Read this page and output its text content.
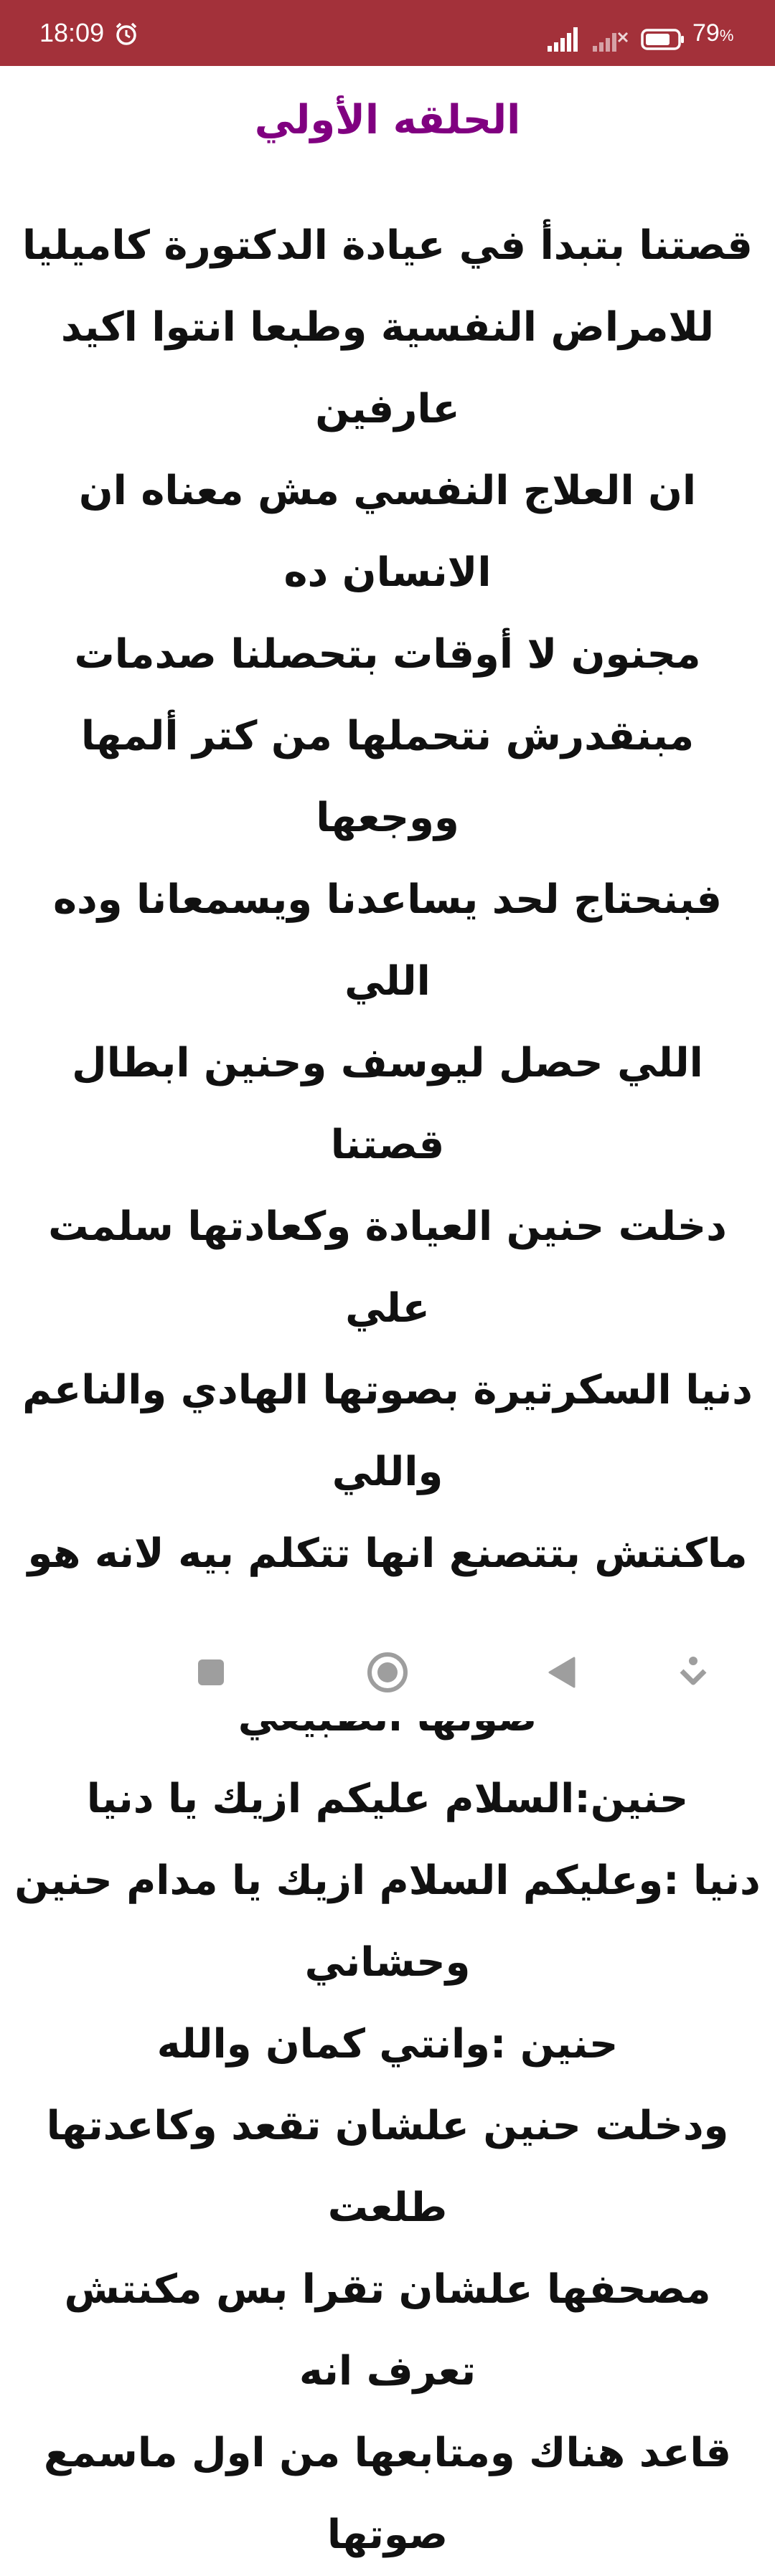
18:09	79%
الحلقه الأولي

قصتنا بتبدأ في عيادة الدكتورة كاميليا
للامراض النفسية وطبعا انتوا اكيد عارفين
ان العلاج النفسي مش معناه ان الانسان ده
مجنون لا أوقات بتحصلنا صدمات
مبنقدرش نتحملها من كتر ألمها ووجعها
فبنحتاج لحد يساعدنا ويسمعانا وده اللي
اللي حصل ليوسف وحنين ابطال قصتنا
دخلت حنين العيادة وكعادتها سلمت علي
دنيا السكرتيرة بصوتها الهادي والناعم واللي
ماكنتش بتتصنع انها تتكلم بيه لانه هو

حنين:السلام عليكم ازيك يا دنيا
دنيا :وعليكم السلام ازيك يا مدام حنين
وحشاني
حنين :وانتي كمان والله
ودخلت حنين علشان تقعد وكاعدتها طلعت
مصحفها علشان تقرا بس مكنتش تعرف انه
قاعد هناك ومتابعها من اول ماسمع صوتها
